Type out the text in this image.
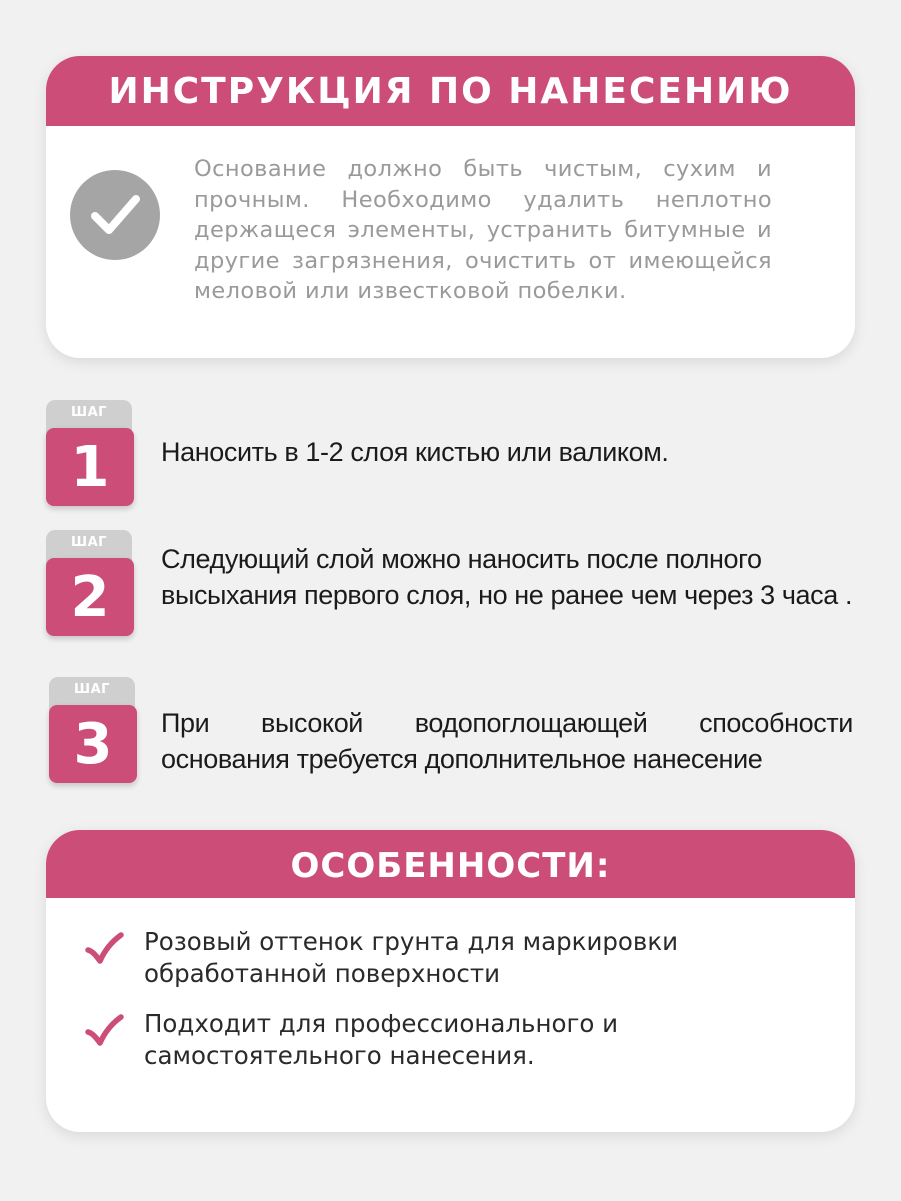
ИНСТРУКЦИЯ ПО НАНЕСЕНИЮ
Основание должно быть чистым, сухим и прочным. Необходимо удалить неплотно держащеся элементы, устранить битумные и другие загрязнения, очистить от имеющейся меловой или известковой побелки.
ШАГ
1	Наносить в 1-2 слоя кистью или валиком.
ШАГ
2
Следующий слой можно наносить после полного высыхания первого слоя, но не ранее чем через 3 часа .
ШАГ
3	При высокой водопоглощающей способности основания требуется дополнительное нанесение
ОСОБЕННОСТИ:
Розовый оттенок грунта для маркировки обработанной поверхности
Подходит для профессионального и самостоятельного нанесения.
